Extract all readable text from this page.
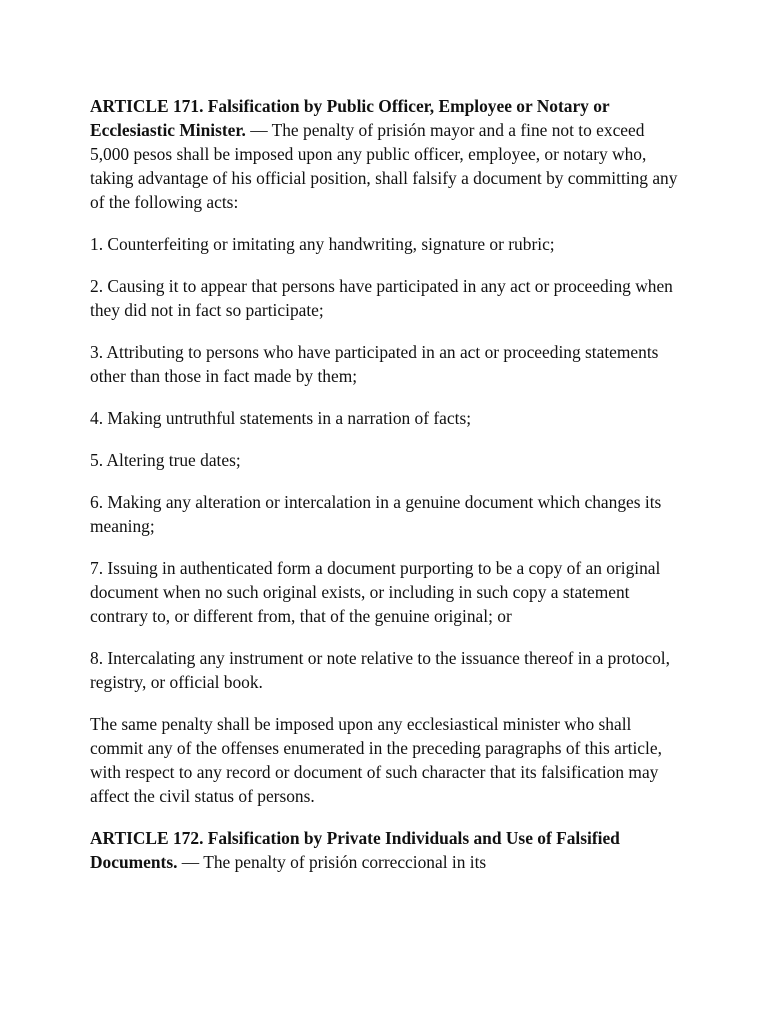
ARTICLE 171. Falsification by Public Officer, Employee or Notary or Ecclesiastic Minister. — The penalty of prisión mayor and a fine not to exceed 5,000 pesos shall be imposed upon any public officer, employee, or notary who, taking advantage of his official position, shall falsify a document by committing any of the following acts:

1. Counterfeiting or imitating any handwriting, signature or rubric;

2. Causing it to appear that persons have participated in any act or proceeding when they did not in fact so participate;

3. Attributing to persons who have participated in an act or proceeding statements other than those in fact made by them;

4. Making untruthful statements in a narration of facts;

5. Altering true dates;

6. Making any alteration or intercalation in a genuine document which changes its meaning;

7. Issuing in authenticated form a document purporting to be a copy of an original document when no such original exists, or including in such copy a statement contrary to, or different from, that of the genuine original; or

8. Intercalating any instrument or note relative to the issuance thereof in a protocol, registry, or official book.

The same penalty shall be imposed upon any ecclesiastical minister who shall commit any of the offenses enumerated in the preceding paragraphs of this article, with respect to any record or document of such character that its falsification may affect the civil status of persons.

ARTICLE 172. Falsification by Private Individuals and Use of Falsified Documents. — The penalty of prisión correccional in its
